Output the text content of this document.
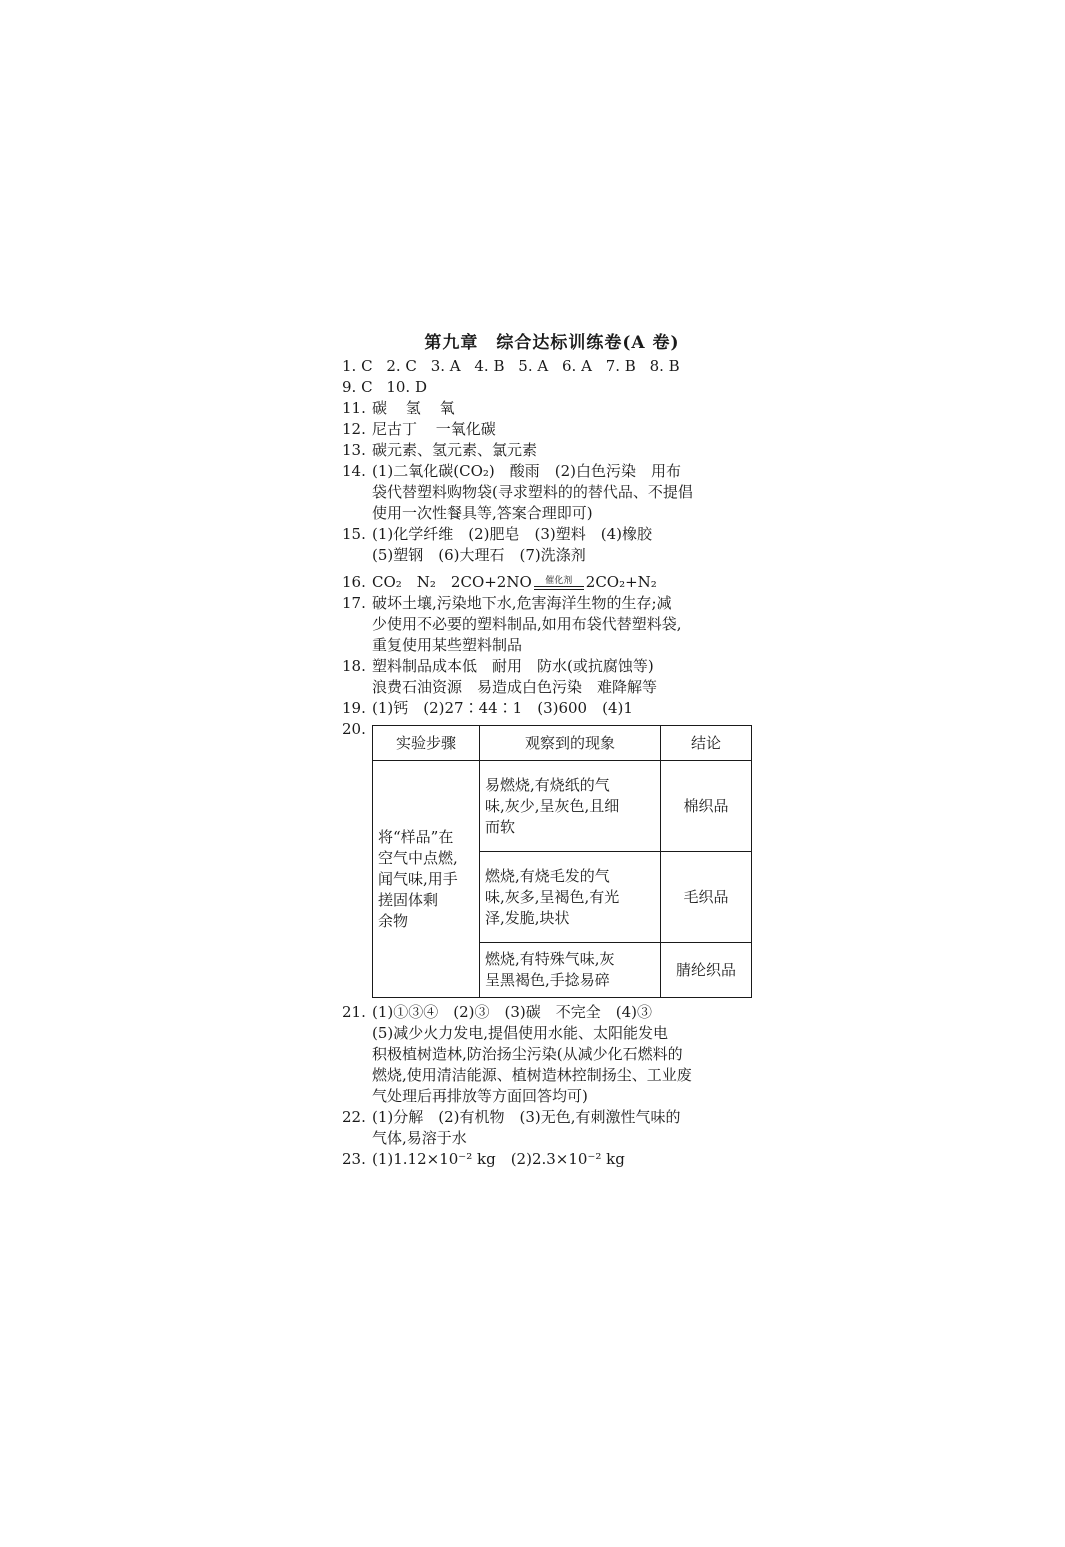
第九章　综合达标训练卷(A 卷)
1. C 2. C 3. A 4. B 5. A 6. A 7. B 8. B
9. C 10. D
11. 碳 氢 氧
12. 尼古丁 一氧化碳
13. 碳元素、氢元素、氯元素
14. (1)二氧化碳(CO₂)　酸雨　(2)白色污染　用布
袋代替塑料购物袋(寻求塑料的的替代品、不提倡
使用一次性餐具等,答案合理即可)
15. (1)化学纤维　(2)肥皂　(3)塑料　(4)橡胶
(5)塑钢　(6)大理石　(7)洗涤剂
16. CO₂　N₂　2CO+2NO 催化剂 2CO₂+N₂
17. 破坏土壤,污染地下水,危害海洋生物的生存;减
少使用不必要的塑料制品,如用布袋代替塑料袋,
重复使用某些塑料制品
18. 塑料制品成本低　耐用　防水(或抗腐蚀等)
浪费石油资源　易造成白色污染　难降解等
19. (1)钙　(2)27∶44∶1　(3)600　(4)1
20.
实验步骤	观察到的现象	结论

将“样品”在
空气中点燃,
闻气味,用手
搓固体剩
余物	易燃烧,有烧纸的气
味,灰少,呈灰色,且细
而软	棉织品

	燃烧,有烧毛发的气
味,灰多,呈褐色,有光
泽,发脆,块状	毛织品

	燃烧,有特殊气味,灰
呈黑褐色,手捻易碎	腈纶织品
21. (1)①③④　(2)③　(3)碳　不完全　(4)③
(5)减少火力发电,提倡使用水能、太阳能发电
积极植树造林,防治扬尘污染(从减少化石燃料的
燃烧,使用清洁能源、植树造林控制扬尘、工业废
气处理后再排放等方面回答均可)
22. (1)分解　(2)有机物　(3)无色,有刺激性气味的
气体,易溶于水
23. (1)1.12×10⁻² kg　(2)2.3×10⁻² kg
